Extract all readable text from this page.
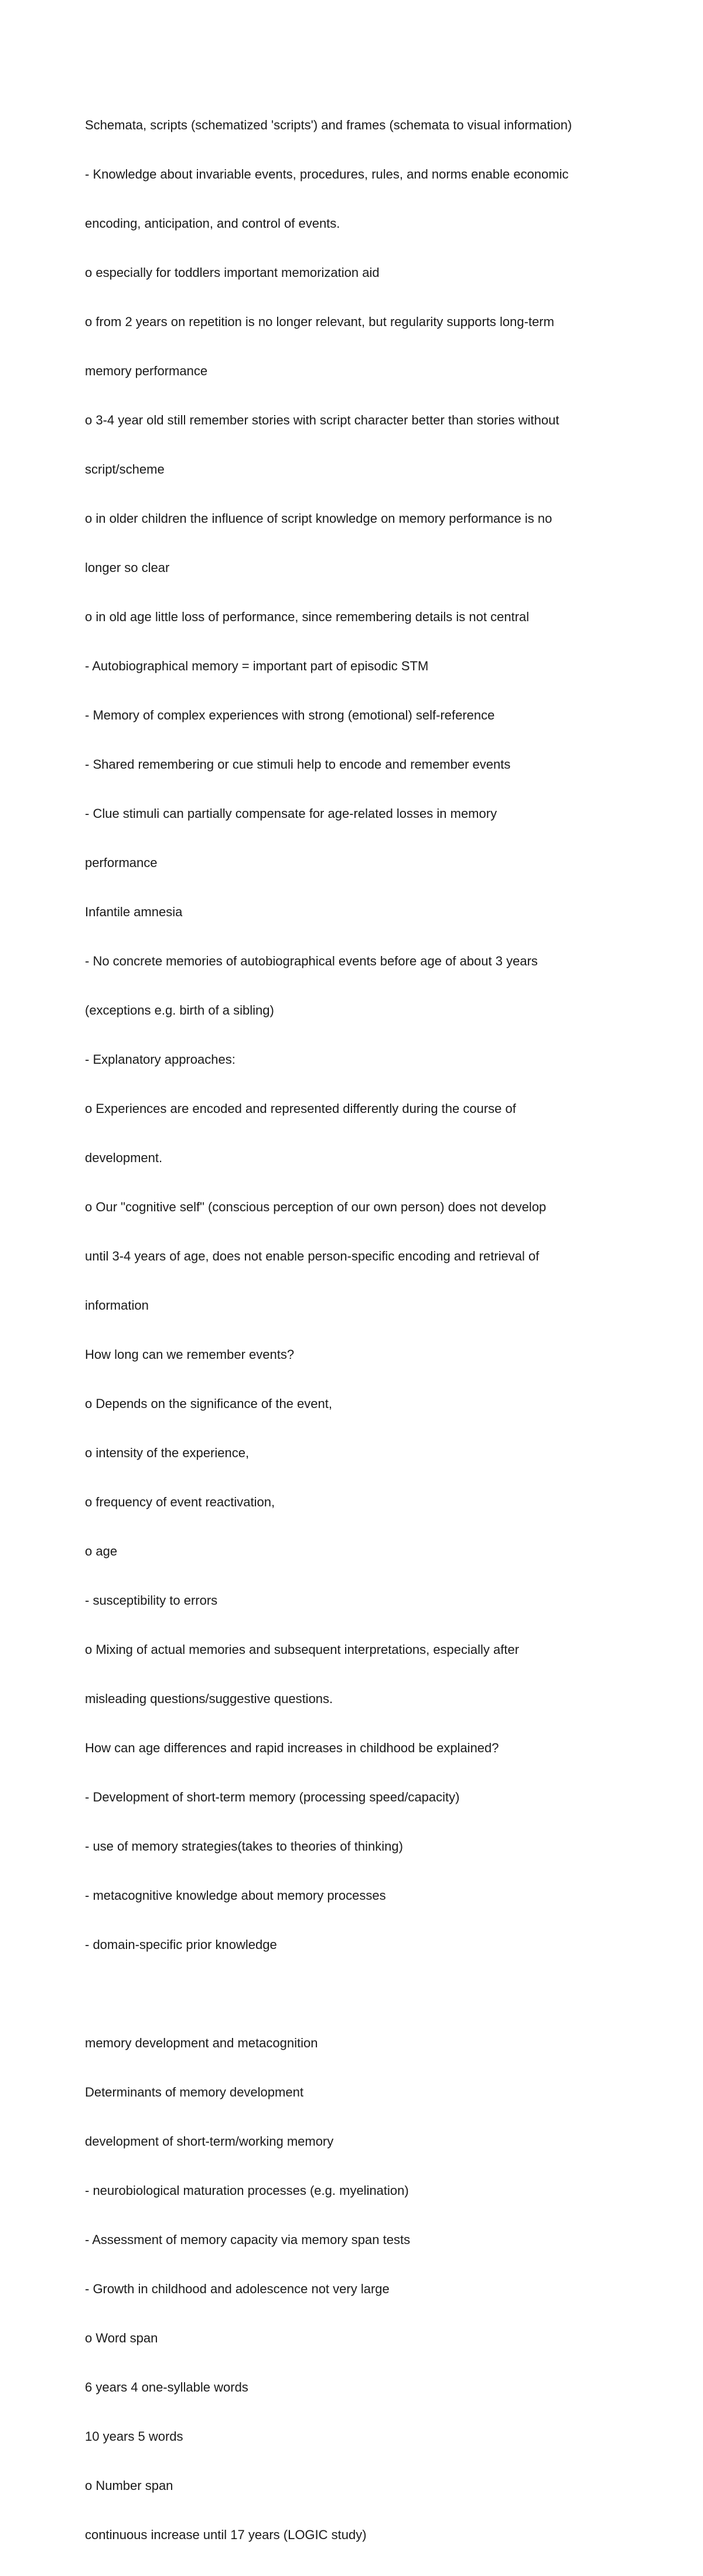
Schemata, scripts (schematized 'scripts') and frames (schemata to visual information)

- Knowledge about invariable events, procedures, rules, and norms enable economic

encoding, anticipation, and control of events.

o especially for toddlers important memorization aid

o from 2 years on repetition is no longer relevant, but regularity supports long-term

memory performance

o 3-4 year old still remember stories with script character better than stories without

script/scheme

o in older children the influence of script knowledge on memory performance is no

longer so clear

o in old age little loss of performance, since remembering details is not central

- Autobiographical memory = important part of episodic STM

- Memory of complex experiences with strong (emotional) self-reference

- Shared remembering or cue stimuli help to encode and remember events

- Clue stimuli can partially compensate for age-related losses in memory

performance

Infantile amnesia

- No concrete memories of autobiographical events before age of about 3 years

(exceptions e.g. birth of a sibling)

- Explanatory approaches:

o Experiences are encoded and represented differently during the course of

development.

o Our "cognitive self" (conscious perception of our own person) does not develop

until 3-4 years of age, does not enable person-specific encoding and retrieval of

information

How long can we remember events?

o Depends on the significance of the event,

o intensity of the experience,

o frequency of event reactivation,

o age

- susceptibility to errors

o Mixing of actual memories and subsequent interpretations, especially after

misleading questions/suggestive questions.

How can age differences and rapid increases in childhood be explained?

- Development of short-term memory (processing speed/capacity)

- use of memory strategies(takes to theories of thinking)

- metacognitive knowledge about memory processes

- domain-specific prior knowledge

memory development and metacognition

Determinants of memory development

development of short-term/working memory

- neurobiological maturation processes (e.g. myelination)

- Assessment of memory capacity via memory span tests

- Growth in childhood and adolescence not very large

o Word span

6 years 4 one-syllable words

10 years 5 words

o Number span

continuous increase until 17 years (LOGIC study)
